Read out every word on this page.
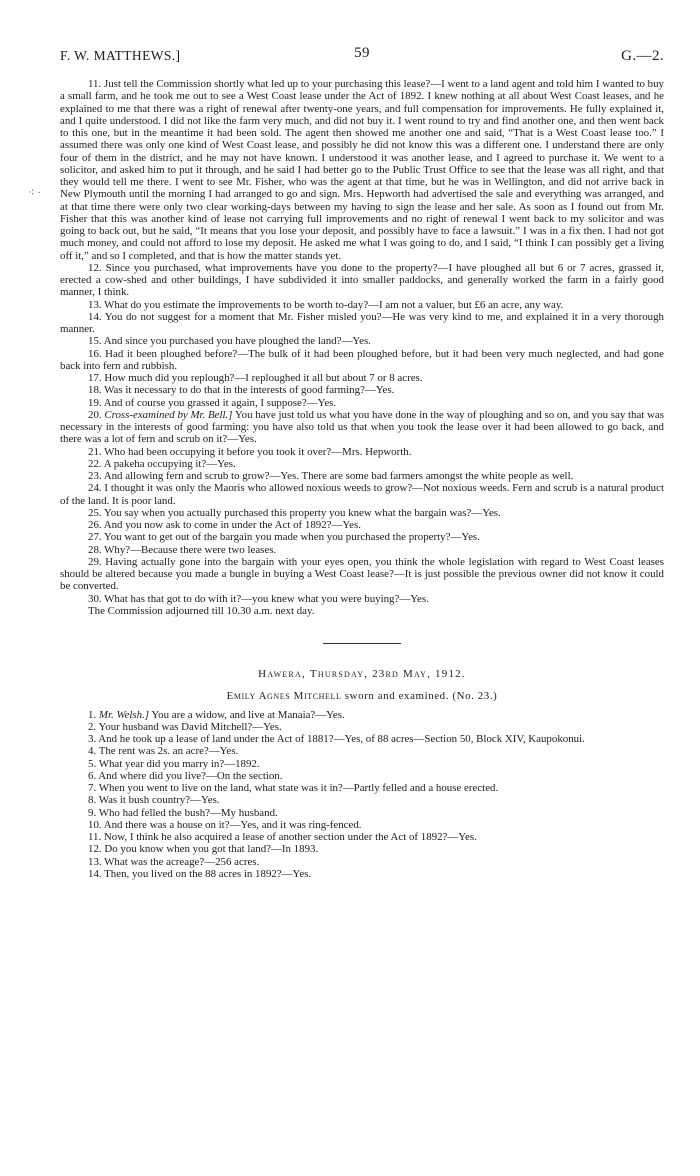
⁖ ·
F. W. MATTHEWS.]	59	G.—2.

11. Just tell the Commission shortly what led up to your purchasing this lease?—I went to a land agent and told him I wanted to buy a small farm, and he took me out to see a West Coast lease under the Act of 1892. I knew nothing at all about West Coast leases, and he explained to me that there was a right of renewal after twenty-one years, and full compensation for improvements. He fully explained it, and I quite understood. I did not like the farm very much, and did not buy it. I went round to try and find another one, and then went back to this one, but in the meantime it had been sold. The agent then showed me another one and said, “That is a West Coast lease too.” I assumed there was only one kind of West Coast lease, and possibly he did not know this was a different one. I understand there are only four of them in the district, and he may not have known. I understood it was another lease, and I agreed to purchase it. We went to a solicitor, and asked him to put it through, and he said I had better go to the Public Trust Office to see that the lease was all right, and that they would tell me there. I went to see Mr. Fisher, who was the agent at that time, but he was in Wellington, and did not arrive back in New Plymouth until the morning I had arranged to go and sign. Mrs. Hepworth had advertised the sale and everything was arranged, and at that time there were only two clear working-days between my having to sign the lease and her sale. As soon as I found out from Mr. Fisher that this was another kind of lease not carrying full improvements and no right of renewal I went back to my solicitor and was going to back out, but he said, “It means that you lose your deposit, and possibly have to face a lawsuit.” I was in a fix then. I had not got much money, and could not afford to lose my deposit. He asked me what I was going to do, and I said, “I think I can possibly get a living off it,” and so I completed, and that is how the matter stands yet.

12. Since you purchased, what improvements have you done to the property?—I have ploughed all but 6 or 7 acres, grassed it, erected a cow-shed and other buildings, I have subdivided it into smaller paddocks, and generally worked the farm in a fairly good manner, I think.

13. What do you estimate the improvements to be worth to-day?—I am not a valuer, but £6 an acre, any way.

14. You do not suggest for a moment that Mr. Fisher misled you?—He was very kind to me, and explained it in a very thorough manner.

15. And since you purchased you have ploughed the land?—Yes.

16. Had it been ploughed before?—The bulk of it had been ploughed before, but it had been very much neglected, and had gone back into fern and rubbish.

17. How much did you replough?—I reploughed it all but about 7 or 8 acres.

18. Was it necessary to do that in the interests of good farming?—Yes.

19. And of course you grassed it again, I suppose?—Yes.

20. Cross-examined by Mr. Bell.] You have just told us what you have done in the way of ploughing and so on, and you say that was necessary in the interests of good farming: you have also told us that when you took the lease over it had been allowed to go back, and there was a lot of fern and scrub on it?—Yes.

21. Who had been occupying it before you took it over?—Mrs. Hepworth.

22. A pakeha occupying it?—Yes.

23. And allowing fern and scrub to grow?—Yes. There are some bad farmers amongst the white people as well.

24. I thought it was only the Maoris who allowed noxious weeds to grow?—Not noxious weeds. Fern and scrub is a natural product of the land. It is poor land.

25. You say when you actually purchased this property you knew what the bargain was?—Yes.

26. And you now ask to come in under the Act of 1892?—Yes.

27. You want to get out of the bargain you made when you purchased the property?—Yes.

28. Why?—Because there were two leases.

29. Having actually gone into the bargain with your eyes open, you think the whole legislation with regard to West Coast leases should be altered because you made a bungle in buying a West Coast lease?—It is just possible the previous owner did not know it could be converted.

30. What has that got to do with it?—you knew what you were buying?—Yes.

The Commission adjourned till 10.30 a.m. next day.

Hawera, Thursday, 23rd May, 1912.
Emily Agnes Mitchell sworn and examined. (No. 23.)

1. Mr. Welsh.] You are a widow, and live at Manaia?—Yes.

2. Your husband was David Mitchell?—Yes.

3. And he took up a lease of land under the Act of 1881?—Yes, of 88 acres—Section 50, Block XIV, Kaupokonui.

4. The rent was 2s. an acre?—Yes.

5. What year did you marry in?—1892.

6. And where did you live?—On the section.

7. When you went to live on the land, what state was it in?—Partly felled and a house erected.

8. Was it bush country?—Yes.

9. Who had felled the bush?—My husband.

10. And there was a house on it?—Yes, and it was ring-fenced.

11. Now, I think he also acquired a lease of another section under the Act of 1892?—Yes.

12. Do you know when you got that land?—In 1893.

13. What was the acreage?—256 acres.

14. Then, you lived on the 88 acres in 1892?—Yes.
